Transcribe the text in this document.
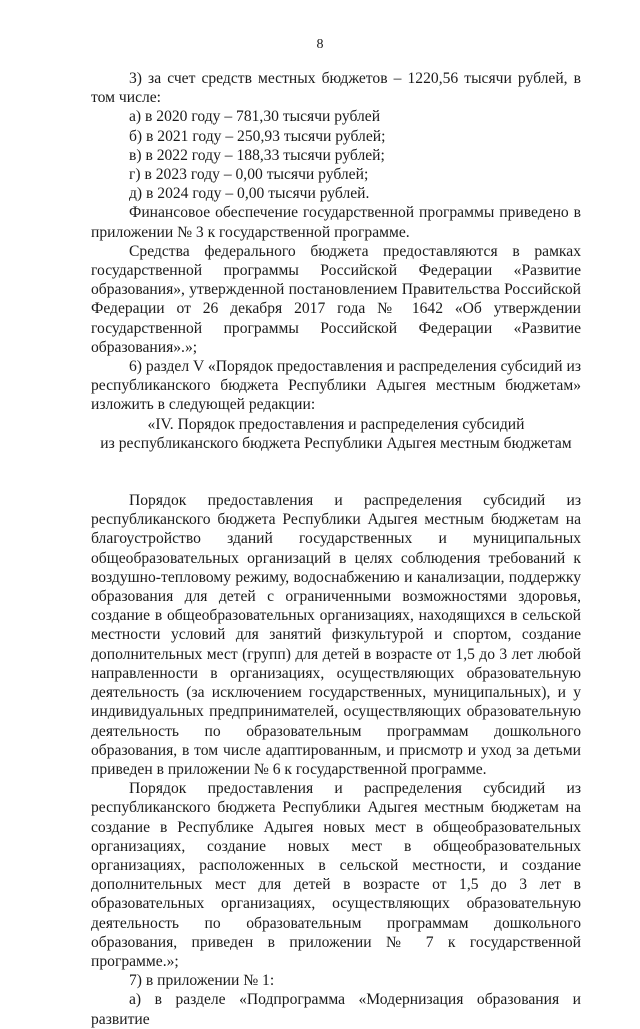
8

3) за счет средств местных бюджетов – 1220,56 тысячи рублей, в том числе:

а) в 2020 году – 781,30 тысячи рублей

б) в 2021 году – 250,93 тысячи рублей;

в) в 2022 году – 188,33 тысячи рублей;

г) в 2023 году – 0,00 тысячи рублей;

д) в 2024 году – 0,00 тысячи рублей.

Финансовое обеспечение государственной программы приведено в приложении № 3 к государственной программе.

Средства федерального бюджета предоставляются в рамках государственной программы Российской Федерации «Развитие образования», утвержденной постановлением Правительства Российской Федерации от 26 декабря 2017 года № 1642 «Об утверждении государственной программы Российской Федерации «Развитие образования».»;

6) раздел V «Порядок предоставления и распределения субсидий из республиканского бюджета Республики Адыгея местным бюджетам» изложить в следующей редакции:

«IV. Порядок предоставления и распределения субсидий

из республиканского бюджета Республики Адыгея местным бюджетам

Порядок предоставления и распределения субсидий из республиканского бюджета Республики Адыгея местным бюджетам на благоустройство зданий государственных и муниципальных общеобразовательных организаций в целях соблюдения требований к воздушно-тепловому режиму, водоснабжению и канализации, поддержку образования для детей с ограниченными возможностями здоровья, создание в общеобразовательных организациях, находящихся в сельской местности условий для занятий физкультурой и спортом, создание дополнительных мест (групп) для детей в возрасте от 1,5 до 3 лет любой направленности в организациях, осуществляющих образовательную деятельность (за исключением государственных, муниципальных), и у индивидуальных предпринимателей, осуществляющих образовательную деятельность по образовательным программам дошкольного образования, в том числе адаптированным, и присмотр и уход за детьми приведен в приложении № 6 к государственной программе.

Порядок предоставления и распределения субсидий из республиканского бюджета Республики Адыгея местным бюджетам на создание в Республике Адыгея новых мест в общеобразовательных организациях, создание новых мест в общеобразовательных организациях, расположенных в сельской местности, и создание дополнительных мест для детей в возрасте от 1,5 до 3 лет в образовательных организациях, осуществляющих образовательную деятельность по образовательным программам дошкольного образования, приведен в приложении № 7 к государственной программе.»;

7) в приложении № 1:

а) в разделе «Подпрограмма «Модернизация образования и развитие
